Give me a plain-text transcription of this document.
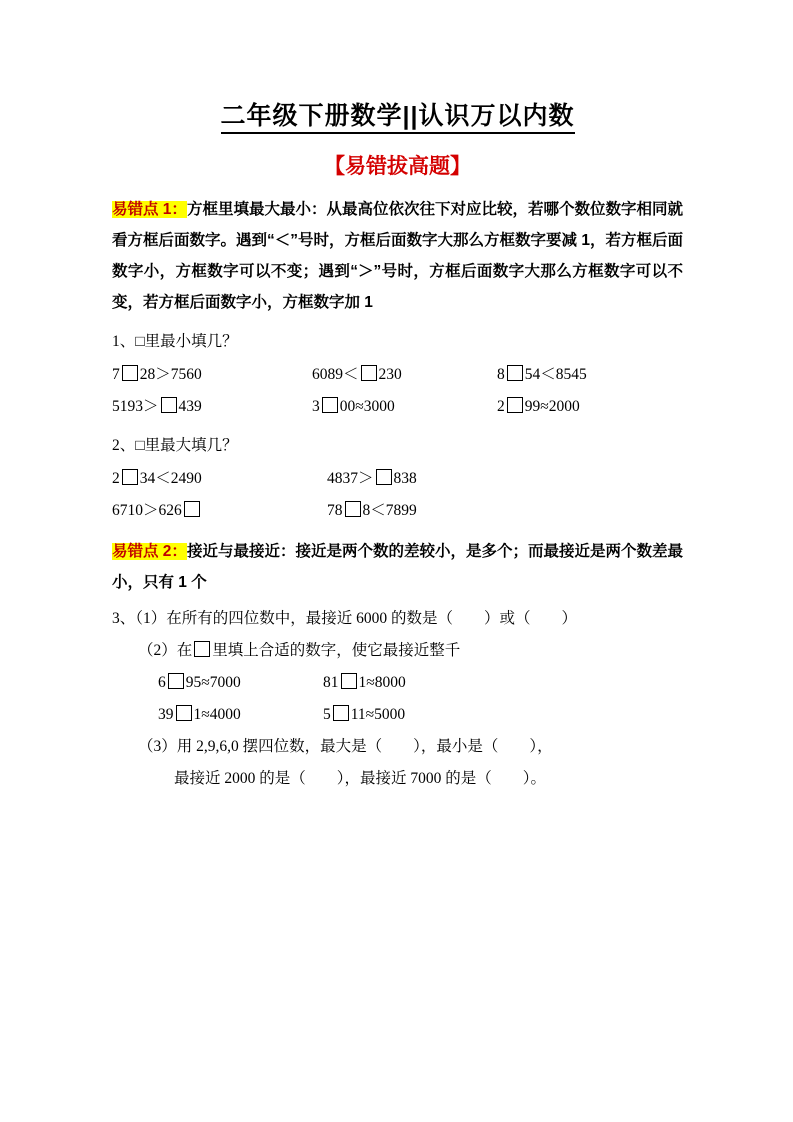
二年级下册数学||认识万以内数
【易错拔高题】

易错点 1：方框里填最大最小：从最高位依次往下对应比较，若哪个数位数字相同就看方框后面数字。遇到“＜”号时，方框后面数字大那么方框数字要减 1，若方框后面数字小，方框数字可以不变；遇到“＞”号时，方框后面数字大那么方框数字可以不变，若方框后面数字小，方框数字加 1

1、□里最小填几？
7 28＞7560	6089＜ 230	8 54＜8545
5193＞ 439	3 00≈3000	2 99≈2000
2、□里最大填几？
2 34＜2490	4837＞ 838
6710＞626	78 8＜7899

易错点 2：接近与最接近：接近是两个数的差较小，是多个；而最接近是两个数差最小，只有 1 个

3、（1）在所有的四位数中，最接近 6000 的数是（　　）或（　　）
（2）在 里填上合适的数字，使它最接近整千
6 95≈7000	81 1≈8000
39 1≈4000	5 11≈5000
（3）用 2,9,6,0 摆四位数，最大是（　　），最小是（　　），
最接近 2000 的是（　　），最接近 7000 的是（　　）。
